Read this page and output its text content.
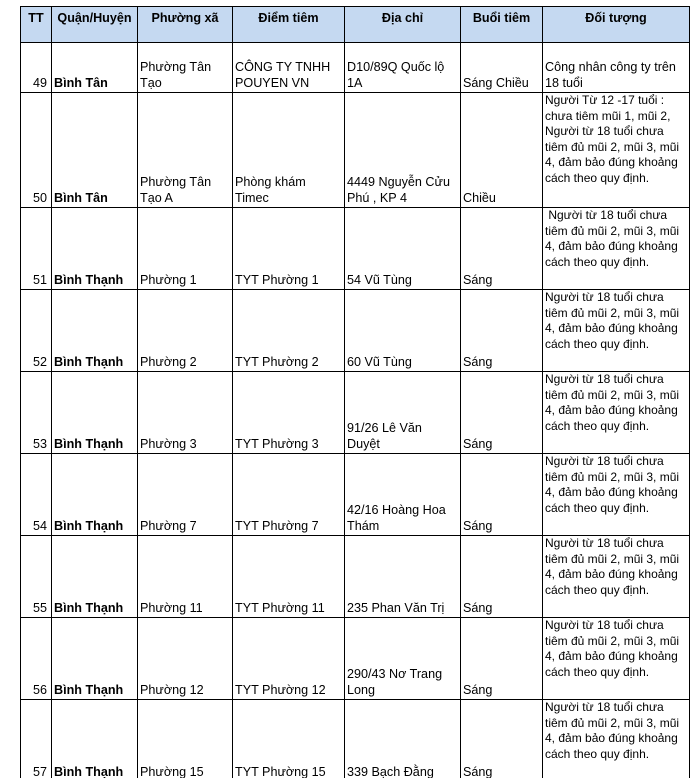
TT	Quận/Huyện	Phường xã	Điểm tiêm	Địa chỉ	Buổi tiêm	Đối tượng
49	Bình Tân	Phường Tân Tạo	CÔNG TY TNHH POUYEN VN	D10/89Q Quốc lộ 1A	Sáng Chiều	Công nhân công ty trên 18 tuổi
50	Bình Tân	Phường Tân Tạo A	Phòng khám Timec	4449 Nguyễn Cửu Phú , KP 4	Chiều	Người Từ 12 -17 tuổi : chưa tiêm mũi 1, mũi 2, Người từ 18 tuổi chưa tiêm đủ mũi 2, mũi 3, mũi 4, đảm bảo đúng khoảng cách theo quy định.
51	Bình Thạnh	Phường 1	TYT Phường 1	54 Vũ Tùng	Sáng	Người từ 18 tuổi chưa tiêm đủ mũi 2, mũi 3, mũi 4, đảm bảo đúng khoảng cách theo quy định.
52	Bình Thạnh	Phường 2	TYT Phường 2	60 Vũ Tùng	Sáng	Người từ 18 tuổi chưa tiêm đủ mũi 2, mũi 3, mũi 4, đảm bảo đúng khoảng cách theo quy định.
53	Bình Thạnh	Phường 3	TYT Phường 3	91/26 Lê Văn Duyệt	Sáng	Người từ 18 tuổi chưa tiêm đủ mũi 2, mũi 3, mũi 4, đảm bảo đúng khoảng cách theo quy định.
54	Bình Thạnh	Phường 7	TYT Phường 7	42/16 Hoàng Hoa Thám	Sáng	Người từ 18 tuổi chưa tiêm đủ mũi 2, mũi 3, mũi 4, đảm bảo đúng khoảng cách theo quy định.
55	Bình Thạnh	Phường 11	TYT Phường 11	235 Phan Văn Trị	Sáng	Người từ 18 tuổi chưa tiêm đủ mũi 2, mũi 3, mũi 4, đảm bảo đúng khoảng cách theo quy định.
56	Bình Thạnh	Phường 12	TYT Phường 12	290/43 Nơ Trang Long	Sáng	Người từ 18 tuổi chưa tiêm đủ mũi 2, mũi 3, mũi 4, đảm bảo đúng khoảng cách theo quy định.
57	Bình Thạnh	Phường 15	TYT Phường 15	339 Bạch Đằng	Sáng	Người từ 18 tuổi chưa tiêm đủ mũi 2, mũi 3, mũi 4, đảm bảo đúng khoảng cách theo quy định.
